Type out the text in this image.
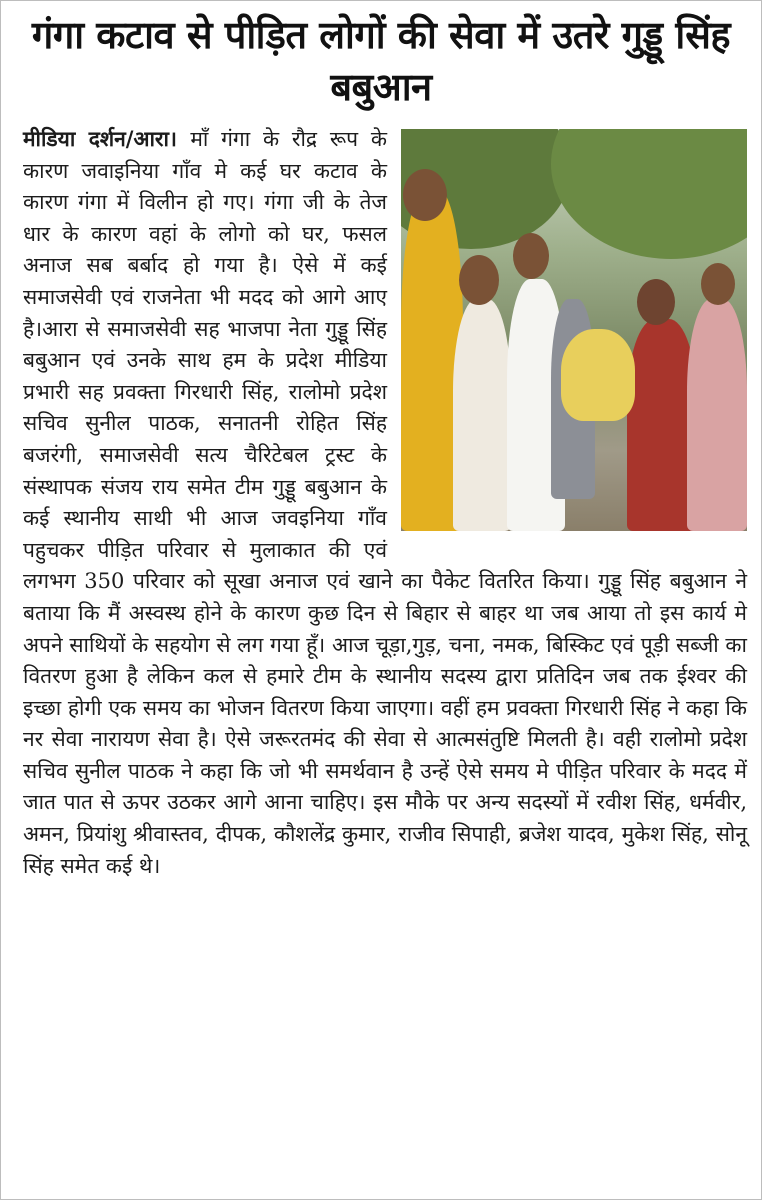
गंगा कटाव से पीड़ित लोगों की सेवा में उतरे गुड्डू सिंह बबुआन
मीडिया दर्शन/आरा। माँ गंगा के रौद्र रूप के कारण जवाइनिया गाँव मे कई घर कटाव के कारण गंगा में विलीन हो गए। गंगा जी के तेज धार के कारण वहां के लोगो को घर, फसल अनाज सब बर्बाद हो गया है। ऐसे में कई समाजसेवी एवं राजनेता भी मदद को आगे आए है।आरा से समाजसेवी सह भाजपा नेता गुड्डू सिंह बबुआन एवं उनके साथ हम के प्रदेश मीडिया प्रभारी सह प्रवक्ता गिरधारी सिंह, रालोमो प्रदेश सचिव सुनील पाठक, सनातनी रोहित सिंह बजरंगी, समाजसेवी सत्य चैरिटेबल ट्रस्ट के संस्थापक संजय राय समेत टीम गुड्डू बबुआन के कई स्थानीय साथी भी आज जवइनिया गाँव पहुचकर पीड़ित परिवार से मुलाकात की एवं लगभग 350 परिवार को सूखा अनाज एवं खाने का पैकेट वितरित किया। गुड्डू सिंह बबुआन ने बताया कि मैं अस्वस्थ होने के कारण कुछ दिन से बिहार से बाहर था जब आया तो इस कार्य मे अपने साथियों के सहयोग से लग गया हूँ। आज चूड़ा,गुड़, चना, नमक, बिस्किट एवं पूड़ी सब्जी का वितरण हुआ है लेकिन कल से हमारे टीम के स्थानीय सदस्य द्वारा प्रतिदिन जब तक ईश्वर की इच्छा होगी एक समय का भोजन वितरण किया जाएगा। वहीं हम प्रवक्ता गिरधारी सिंह ने कहा कि नर सेवा नारायण सेवा है। ऐसे जरूरतमंद की सेवा से आत्मसंतुष्टि मिलती है। वही रालोमो प्रदेश सचिव सुनील पाठक ने कहा कि जो भी समर्थवान है उन्हें ऐसे समय मे पीड़ित परिवार के मदद में जात पात से ऊपर उठकर आगे आना चाहिए। इस मौके पर अन्य सदस्यों में रवीश सिंह, धर्मवीर, अमन, प्रियांशु श्रीवास्तव, दीपक, कौशलेंद्र कुमार, राजीव सिपाही, ब्रजेश यादव, मुकेश सिंह, सोनू सिंह समेत कई थे।
